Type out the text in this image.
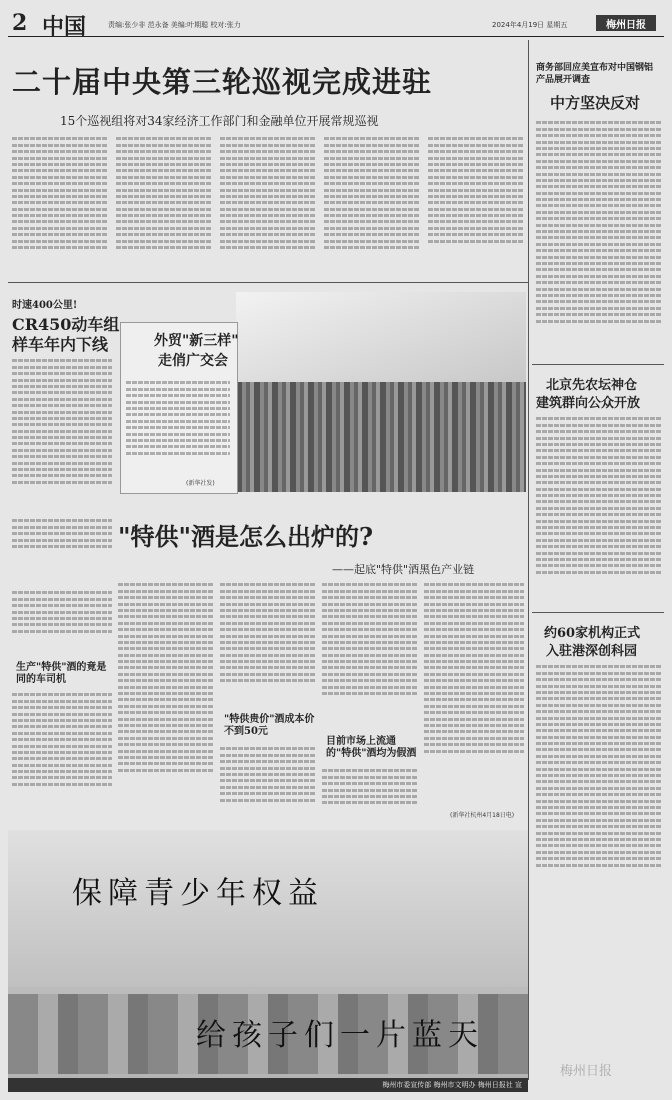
2 中国	责编:张少非 范永备 美编:叶期聪 校对:张力	2024年4月19日 星期五	梅州日报
二十届中央第三轮巡视完成进驻
15个巡视组将对34家经济工作部门和金融单位开展常规巡视
时速400公里!
CR450动车组
样车年内下线	外贸"新三样"
走俏广交会
(新华社发)
"特供"酒是怎么出炉的?
——起底"特供"酒黑色产业链
生产"特供"酒的竟是同的车司机
"特供贵价"酒成本价不到50元
目前市场上流通的"特供"酒均为假酒
(新华社杭州4月18日电)
保障青少年权益
给孩子们一片蓝天
梅州市委宣传部 梅州市文明办 梅州日报社 宣
梅州日报
商务部回应美宣布对中国钢铝产品展开调查
中方坚决反对
北京先农坛神仓
建筑群向公众开放
约60家机构正式
入驻港深创科园
